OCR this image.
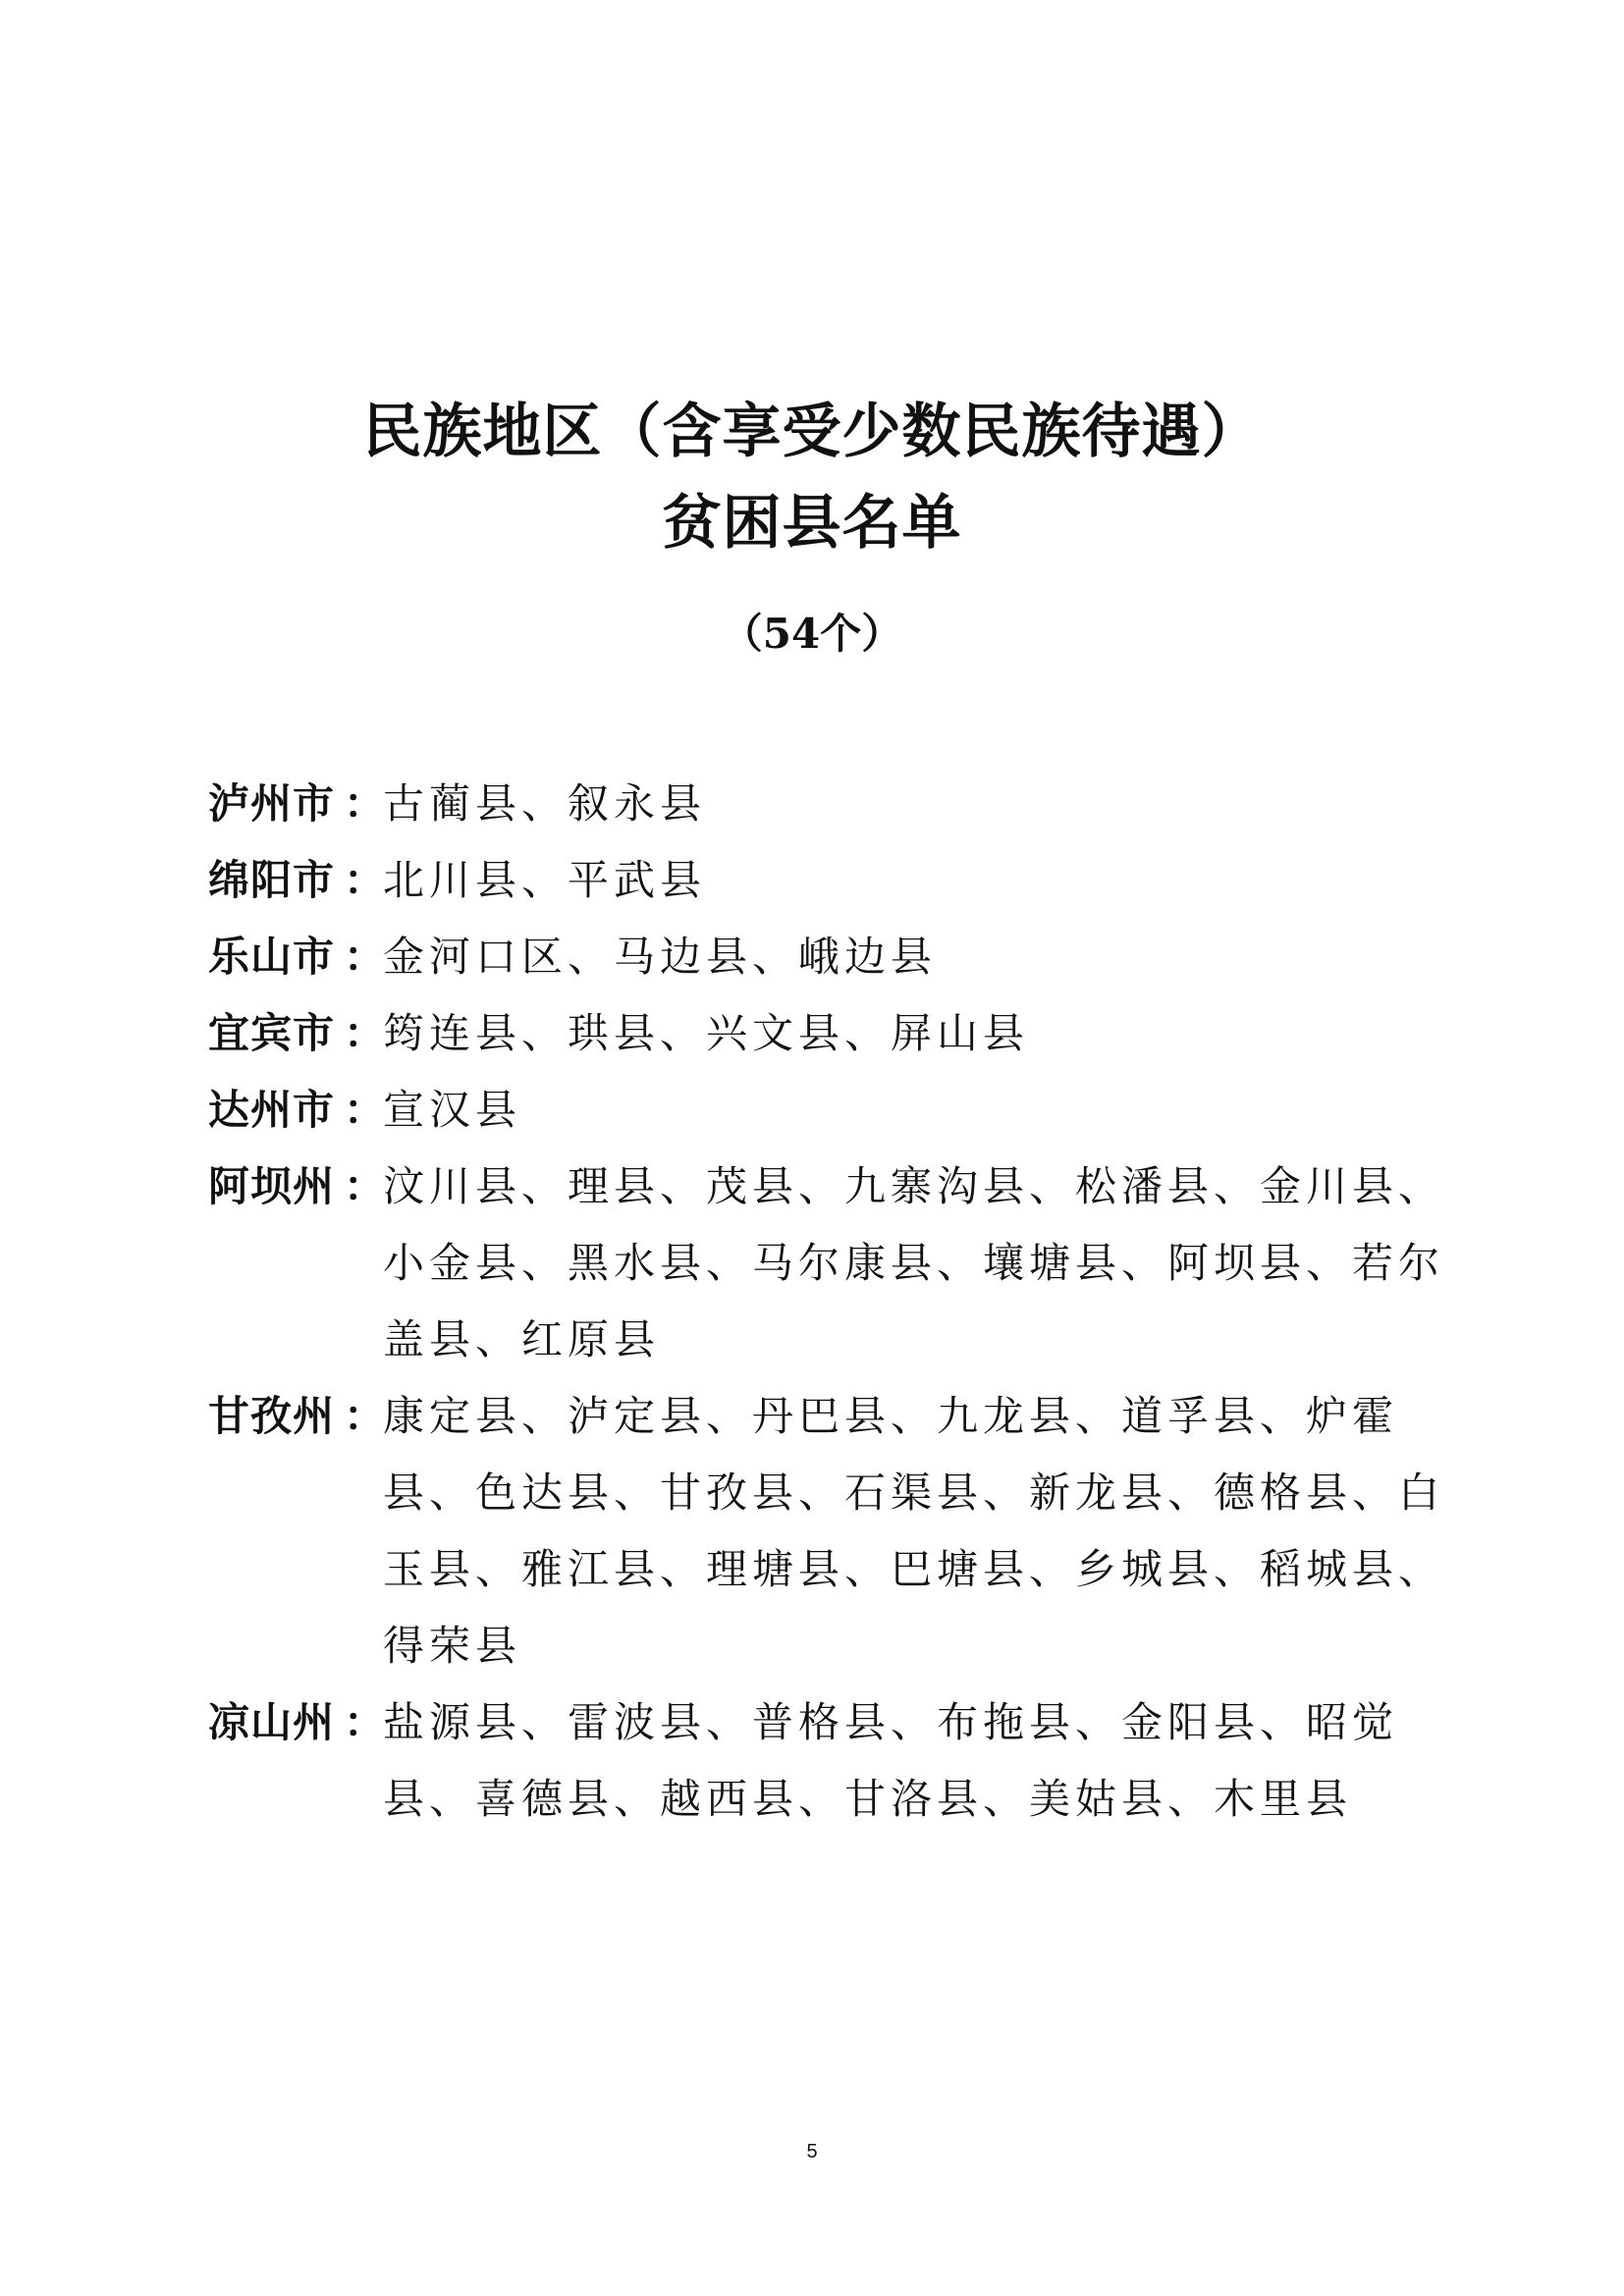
民族地区（含享受少数民族待遇）
贫困县名单
（54个）
泸州市 ：
古蔺县、叙永县
绵阳市 ：
北川县、平武县
乐山市 ：
金河口区、马边县、峨边县
宜宾市 ：
筠连县、珙县、兴文县、屏山县
达州市 ：
宣汉县
阿坝州 ：
汶川县、理县、茂县、九寨沟县、松潘县、金川县、小金县、黑水县、马尔康县、壤塘县、阿坝县、若尔盖县、红原县
甘孜州 ：
康定县、泸定县、丹巴县、九龙县、道孚县、炉霍县、色达县、甘孜县、石渠县、新龙县、德格县、白玉县、雅江县、理塘县、巴塘县、乡城县、稻城县、得荣县
凉山州 ：
盐源县、雷波县、普格县、布拖县、金阳县、昭觉县、喜德县、越西县、甘洛县、美姑县、木里县
5
